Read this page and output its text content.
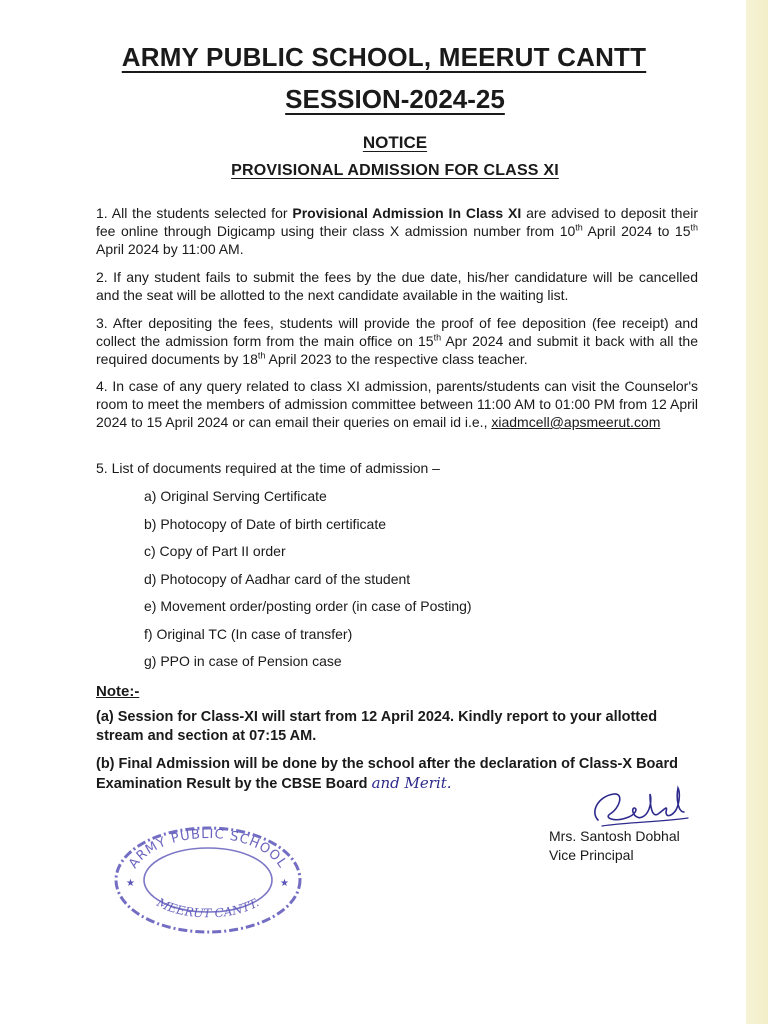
ARMY PUBLIC SCHOOL, MEERUT CANTT
SESSION-2024-25
NOTICE
PROVISIONAL ADMISSION FOR CLASS XI
1. All the students selected for Provisional Admission In Class XI are advised to deposit their fee online through Digicamp using their class X admission number from 10th April 2024 to 15th April 2024 by 11:00 AM.
2. If any student fails to submit the fees by the due date, his/her candidature will be cancelled and the seat will be allotted to the next candidate available in the waiting list.
3. After depositing the fees, students will provide the proof of fee deposition (fee receipt) and collect the admission form from the main office on 15th Apr 2024 and submit it back with all the required documents by 18th April 2023 to the respective class teacher.
4. In case of any query related to class XI admission, parents/students can visit the Counselor's room to meet the members of admission committee between 11:00 AM to 01:00 PM from 12 April 2024 to 15 April 2024 or can email their queries on email id i.e., xiadmcell@apsmeerut.com
5. List of documents required at the time of admission –
a) Original Serving Certificate
b) Photocopy of Date of birth certificate
c) Copy of Part II order
d) Photocopy of Aadhar card of the student
e) Movement order/posting order (in case of Posting)
f) Original TC (In case of transfer)
g) PPO in case of Pension case
Note:-
(a) Session for Class-XI will start from 12 April 2024. Kindly report to your allotted stream and section at 07:15 AM.
(b) Final Admission will be done by the school after the declaration of Class-X Board Examination Result by the CBSE Board and Merit.
Mrs. Santosh Dobhal
Vice Principal
ARMY PUBLIC SCHOOL
MEERUT CANTT.
★	★
